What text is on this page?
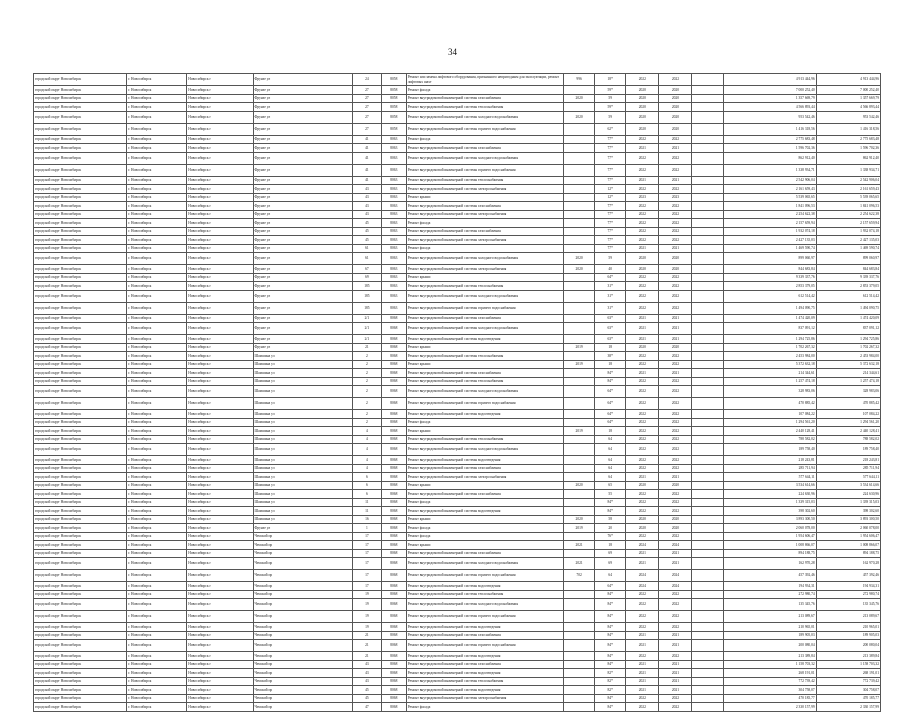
34
городской округ Новосибирск	г. Новосибирск	Новосибирск г	Фрунзе ул	24	8058	Ремонт или замена лифтового оборудования, признанного непригодным для эксплуатации, ремонт лифтовых шахт	996	18*	2022	2022		4 913 444,96	4 913 444,96
городской округ Новосибирск	г. Новосибирск	Новосибирск г	Фрунзе ул	27	8058	Ремонт фасада		59*	2020	2020		7 000 252,40	7 000 252,40
городской округ Новосибирск	г. Новосибирск	Новосибирск г	Фрунзе ул	27	8058	Ремонт внутридомовой инженерной системы газоснабжения	2020	59	2020	2020		1 357 669,79	1 357 669,79
городской округ Новосибирск	г. Новосибирск	Новосибирск г	Фрунзе ул	27	8058	Ремонт внутридомовой инженерной системы теплоснабжения		59*	2020	2020		4 566 893,44	4 566 893,44
городской округ Новосибирск	г. Новосибирск	Новосибирск г	Фрунзе ул	27	8058	Ремонт внутридомовой инженерной системы холодного водоснабжения	2020	59	2020	2020		953 542,46	953 542,46
городской округ Новосибирск	г. Новосибирск	Новосибирск г	Фрунзе ул	27	8058	Ремонт внутридомовой инженерной системы горячего водоснабжения		62*	2020	2020		1 416 318,56	1 416 318,56
городской округ Новосибирск	г. Новосибирск	Новосибирск г	Фрунзе ул	41	8063	Ремонт фасада		77*	2022	2022		2 775 683,48	2 775 683,48
городской округ Новосибирск	г. Новосибирск	Новосибирск г	Фрунзе ул	41	8063	Ремонт внутридомовой инженерной системы газоснабжения		77*	2021	2021		1 596 702,36	1 596 702,36
городской округ Новосибирск	г. Новосибирск	Новосибирск г	Фрунзе ул	41	8063	Ремонт внутридомовой инженерной системы холодного водоснабжения		77*	2022	2022		862 912,40	862 912,40
городской округ Новосибирск	г. Новосибирск	Новосибирск г	Фрунзе ул	41	8063	Ремонт внутридомовой инженерной системы горячего водоснабжения		77*	2022	2022		1 338 934,71	1 338 934,71
городской округ Новосибирск	г. Новосибирск	Новосибирск г	Фрунзе ул	41	8063	Ремонт внутридомовой инженерной системы теплоснабжения		77*	2021	2021		2 542 906,04	2 542 906,04
городской округ Новосибирск	г. Новосибирск	Новосибирск г	Фрунзе ул	43	8063	Ремонт внутридомовой инженерной системы электроснабжения		12*	2022	2022		2 161 659,43	2 161 659,43
городской округ Новосибирск	г. Новосибирск	Новосибирск г	Фрунзе ул	43	8063	Ремонт крыши		12*	2023	2023		5 539 065,65	5 539 065,65
городской округ Новосибирск	г. Новосибирск	Новосибирск г	Фрунзе ул	43	8063	Ремонт внутридомовой инженерной системы газоснабжения		77*	2022	2022		1 841 096,53	1 841 096,53
городской округ Новосибирск	г. Новосибирск	Новосибирск г	Фрунзе ул	43	8063	Ремонт внутридомовой инженерной системы электроснабжения		77*	2022	2022		2 254 622,38	2 254 622,38
городской округ Новосибирск	г. Новосибирск	Новосибирск г	Фрунзе ул	45	8063	Ремонт фасада		77*	2022	2022		2 157 659,94	2 157 659,94
городской округ Новосибирск	г. Новосибирск	Новосибирск г	Фрунзе ул	45	8063	Ремонт внутридомовой инженерной системы газоснабжения		77*	2022	2022		1 932 074,18	1 932 074,18
городской округ Новосибирск	г. Новосибирск	Новосибирск г	Фрунзе ул	45	8063	Ремонт внутридомовой инженерной системы электроснабжения		77*	2022	2022		2 427 135,03	2 427 135,03
городской округ Новосибирск	г. Новосибирск	Новосибирск г	Фрунзе ул	61	8063	Ремонт фасада		77*	2021	2021		1 469 590,74	1 469 590,74
городской округ Новосибирск	г. Новосибирск	Новосибирск г	Фрунзе ул	61	8063	Ремонт внутридомовой инженерной системы холодного водоснабжения	2020	59	2020	2020		899 060,97	899 060,97
городской округ Новосибирск	г. Новосибирск	Новосибирск г	Фрунзе ул	67	8063	Ремонт внутридомовой инженерной системы электроснабжения	2020	40	2020	2020		844 683,84	844 683,84
городской округ Новосибирск	г. Новосибирск	Новосибирск г	Фрунзе ул	69	8063	Ремонт крыши		64*	2022	2022		9 339 337,76	9 339 337,76
городской округ Новосибирск	г. Новосибирск	Новосибирск г	Фрунзе ул	185	8063	Ремонт внутридомовой инженерной системы теплоснабжения		31*	2022	2022		2 853 379,05	2 853 379,05
городской округ Новосибирск	г. Новосибирск	Новосибирск г	Фрунзе ул	185	8063	Ремонт внутридомовой инженерной системы холодного водоснабжения		31*	2022	2022		612 514,42	612 514,42
городской округ Новосибирск	г. Новосибирск	Новосибирск г	Фрунзе ул	185	8063	Ремонт внутридомовой инженерной системы горячего водоснабжения		31*	2022	2022		1 494 090,75	1 494 090,75
городской округ Новосибирск	г. Новосибирск	Новосибирск г	Фрунзе ул	2/1	8068	Ремонт внутридомовой инженерной системы газоснабжения		63*	2021	2021		1 474 420,09	1 474 420,09
городской округ Новосибирск	г. Новосибирск	Новосибирск г	Фрунзе ул	2/1	8068	Ремонт внутридомовой инженерной системы холодного водоснабжения		63*	2021	2021		837 091,12	837 091,12
городской округ Новосибирск	г. Новосибирск	Новосибирск г	Фрунзе ул	2/1	8068	Ремонт внутридомовой инженерной системы водоотведения		63*	2021	2021		1 294 725,86	1 294 725,86
городской округ Новосибирск	г. Новосибирск	Новосибирск г	Фрунзе ул	21	8068	Ремонт крыши	2019	18	2020	2020		1 702 267,32	1 702 267,32
городской округ Новосибирск	г. Новосибирск	Новосибирск г	Шамшина ул	2	8068	Ремонт внутридомовой инженерной системы теплоснабжения		38*	2022	2022		2 453 984,00	2 453 984,00
городской округ Новосибирск	г. Новосибирск	Новосибирск г	Шамшина ул	2	8068	Ремонт крыши	2019	18	2022	2022		5 372 632,18	5 372 632,18
городской округ Новосибирск	г. Новосибирск	Новосибирск г	Шамшина ул	2	8068	Ремонт внутридомовой инженерной системы газоснабжения		84*	2021	2021		214 344,61	214 344,61
городской округ Новосибирск	г. Новосибирск	Новосибирск г	Шамшина ул	2	8068	Ремонт внутридомовой инженерной системы теплоснабжения		84*	2022	2022		1 257 474,18	1 257 474,18
городской округ Новосибирск	г. Новосибирск	Новосибирск г	Шамшина ул	2	8068	Ремонт внутридомовой инженерной системы холодного водоснабжения		64*	2022	2022		328 983,06	328 983,06
городской округ Новосибирск	г. Новосибирск	Новосибирск г	Шамшина ул	2	8068	Ремонт внутридомовой инженерной системы горячего водоснабжения		64*	2022	2022		470 885,42	470 885,42
городской округ Новосибирск	г. Новосибирск	Новосибирск г	Шамшина ул	2	8068	Ремонт внутридомовой инженерной системы водоотведения		64*	2022	2022		107 084,22	107 084,22
городской округ Новосибирск	г. Новосибирск	Новосибирск г	Шамшина ул	2	8068	Ремонт фасада		64*	2022	2022		1 294 561,20	1 294 561,20
городской округ Новосибирск	г. Новосибирск	Новосибирск г	Шамшина ул	4	8068	Ремонт крыши	2019	18	2022	2022		2 440 128,41	2 440 128,41
городской округ Новосибирск	г. Новосибирск	Новосибирск г	Шамшина ул	4	8068	Ремонт внутридомовой инженерной системы теплоснабжения		64	2022	2022		788 582,02	788 582,02
городской округ Новосибирск	г. Новосибирск	Новосибирск г	Шамшина ул	4	8068	Ремонт внутридомовой инженерной системы холодного водоснабжения		64	2022	2022		189 758,40	189 758,40
городской округ Новосибирск	г. Новосибирск	Новосибирск г	Шамшина ул	4	8068	Ремонт внутридомовой инженерной системы водоотведения		64	2022	2022		218 243,81	218 243,81
городской округ Новосибирск	г. Новосибирск	Новосибирск г	Шамшина ул	4	8068	Ремонт внутридомовой инженерной системы газоснабжения		64	2022	2022		285 711,94	285 711,94
городской округ Новосибирск	г. Новосибирск	Новосибирск г	Шамшина ул	6	8068	Ремонт внутридомовой инженерной системы электроснабжения		64	2021	2021		577 644,11	577 644,11
городской округ Новосибирск	г. Новосибирск	Новосибирск г	Шамшина ул	6	8068	Ремонт крыши	2020	65	2020	2020		3 534 614,66	3 534 614,66
городской округ Новосибирск	г. Новосибирск	Новосибирск г	Шамшина ул	6	8068	Ремонт внутридомовой инженерной системы газоснабжения		55	2022	2022		224 630,96	224 630,96
городской округ Новосибирск	г. Новосибирск	Новосибирск г	Шамшина ул	11	8068	Ремонт фасада		84*	2022	2022		1 339 315,03	1 339 315,03
городской округ Новосибирск	г. Новосибирск	Новосибирск г	Шамшина ул	11	8068	Ремонт внутридомовой инженерной системы водоотведения		84*	2022	2022		398 302,60	398 302,60
городской округ Новосибирск	г. Новосибирск	Новосибирск г	Шамшина ул	16	8068	Ремонт крыши	2020	58	2020	2020		3 893 300,50	3 893 300,50
городской округ Новосибирск	г. Новосибирск	Новосибирск г	Фрунзе ул	1	8068	Ремонт фасада	2019	20	2020	2020		2 060 078,00	2 060 078,00
городской округ Новосибирск	г. Новосибирск	Новосибирск г	Чемской пр	17	8068	Ремонт фасада		76*	2022	2022		1 954 606,47	1 954 606,47
городской округ Новосибирск	г. Новосибирск	Новосибирск г	Чемской пр	17	8068	Ремонт крыши	2021	18	2024	2024		1 008 866,07	1 008 866,07
городской округ Новосибирск	г. Новосибирск	Новосибирск г	Чемской пр	17	8068	Ремонт внутридомовой инженерной системы газоснабжения		69	2021	2021		894 188,75	894 188,75
городской округ Новосибирск	г. Новосибирск	Новосибирск г	Чемской пр	17	8068	Ремонт внутридомовой инженерной системы холодного водоснабжения	2021	69	2021	2021		162 970,28	162 970,28
городской округ Новосибирск	г. Новосибирск	Новосибирск г	Чемской пр	17	8068	Ремонт внутридомовой инженерной системы горячего водоснабжения	702	64	2024	2024		457 392,46	457 392,46
городской округ Новосибирск	г. Новосибирск	Новосибирск г	Чемской пр	17	8068	Ремонт внутридомовой инженерной системы водоотведения		64*	2024	2024		194 934,31	194 934,31
городской округ Новосибирск	г. Новосибирск	Новосибирск г	Чемской пр	19	8068	Ремонт внутридомовой инженерной системы теплоснабжения		84*	2022	2022		272 980,74	272 980,74
городской округ Новосибирск	г. Новосибирск	Новосибирск г	Чемской пр	19	8068	Ремонт внутридомовой инженерной системы холодного водоснабжения		84*	2022	2022		135 345,76	135 345,76
городской округ Новосибирск	г. Новосибирск	Новосибирск г	Чемской пр	19	8068	Ремонт внутридомовой инженерной системы горячего водоснабжения		84*	2022	2022		213 089,67	213 089,67
городской округ Новосибирск	г. Новосибирск	Новосибирск г	Чемской пр	19	8068	Ремонт внутридомовой инженерной системы водоотведения		84*	2022	2022		210 965,01	210 965,01
городской округ Новосибирск	г. Новосибирск	Новосибирск г	Чемской пр	21	8068	Ремонт внутридомовой инженерной системы газоснабжения		84*	2021	2021		189 905,03	189 905,03
городской округ Новосибирск	г. Новосибирск	Новосибирск г	Чемской пр	21	8068	Ремонт внутридомовой инженерной системы горячего водоснабжения		84*	2021	2021		200 080,04	200 080,04
городской округ Новосибирск	г. Новосибирск	Новосибирск г	Чемской пр	21	8068	Ремонт внутридомовой инженерной системы водоотведения		84*	2022	2022		213 389,84	213 389,84
городской округ Новосибирск	г. Новосибирск	Новосибирск г	Чемской пр	43	8068	Ремонт внутридомовой инженерной системы газоснабжения		84*	2021	2021		1 158 703,32	1 158 703,32
городской округ Новосибирск	г. Новосибирск	Новосибирск г	Чемской пр	43	8068	Ремонт внутридомовой инженерной системы водоотведения		82*	2021	2021		268 191,01	268 191,01
городской округ Новосибирск	г. Новосибирск	Новосибирск г	Чемской пр	43	8068	Ремонт внутридомовой инженерной системы теплоснабжения		82*	2021	2021		772 739,42	772 739,42
городской округ Новосибирск	г. Новосибирск	Новосибирск г	Чемской пр	45	8068	Ремонт внутридомовой инженерной системы водоотведения		82*	2021	2021		304 758,07	304 758,07
городской округ Новосибирск	г. Новосибирск	Новосибирск г	Чемской пр	45	8068	Ремонт внутридомовой инженерной системы электроснабжения		84*	2022	2022		470 185,77	470 185,77
городской округ Новосибирск	г. Новосибирск	Новосибирск г	Чемской пр	47	8068	Ремонт фасада		84*	2022	2022		2 330 157,99	2 330 157,99
